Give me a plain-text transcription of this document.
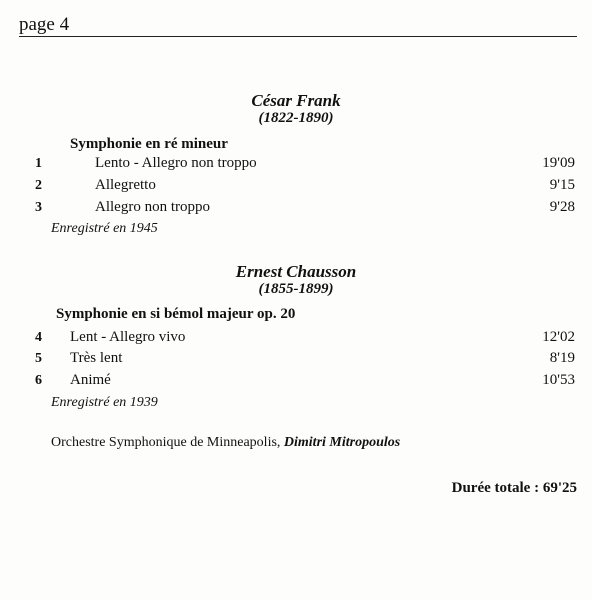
page 4
César Frank
(1822-1890)
Symphonie en ré mineur
1	Lento - Allegro non troppo	19'09
2	Allegretto	9'15
3	Allegro non troppo	9'28
Enregistré en 1945
Ernest Chausson
(1855-1899)
Symphonie en si bémol majeur op. 20
4 Lent - Allegro vivo	12'02
5 Très lent	8'19
6 Animé	10'53
Enregistré en 1939
Orchestre Symphonique de Minneapolis, Dimitri Mitropoulos
Durée totale : 69'25
